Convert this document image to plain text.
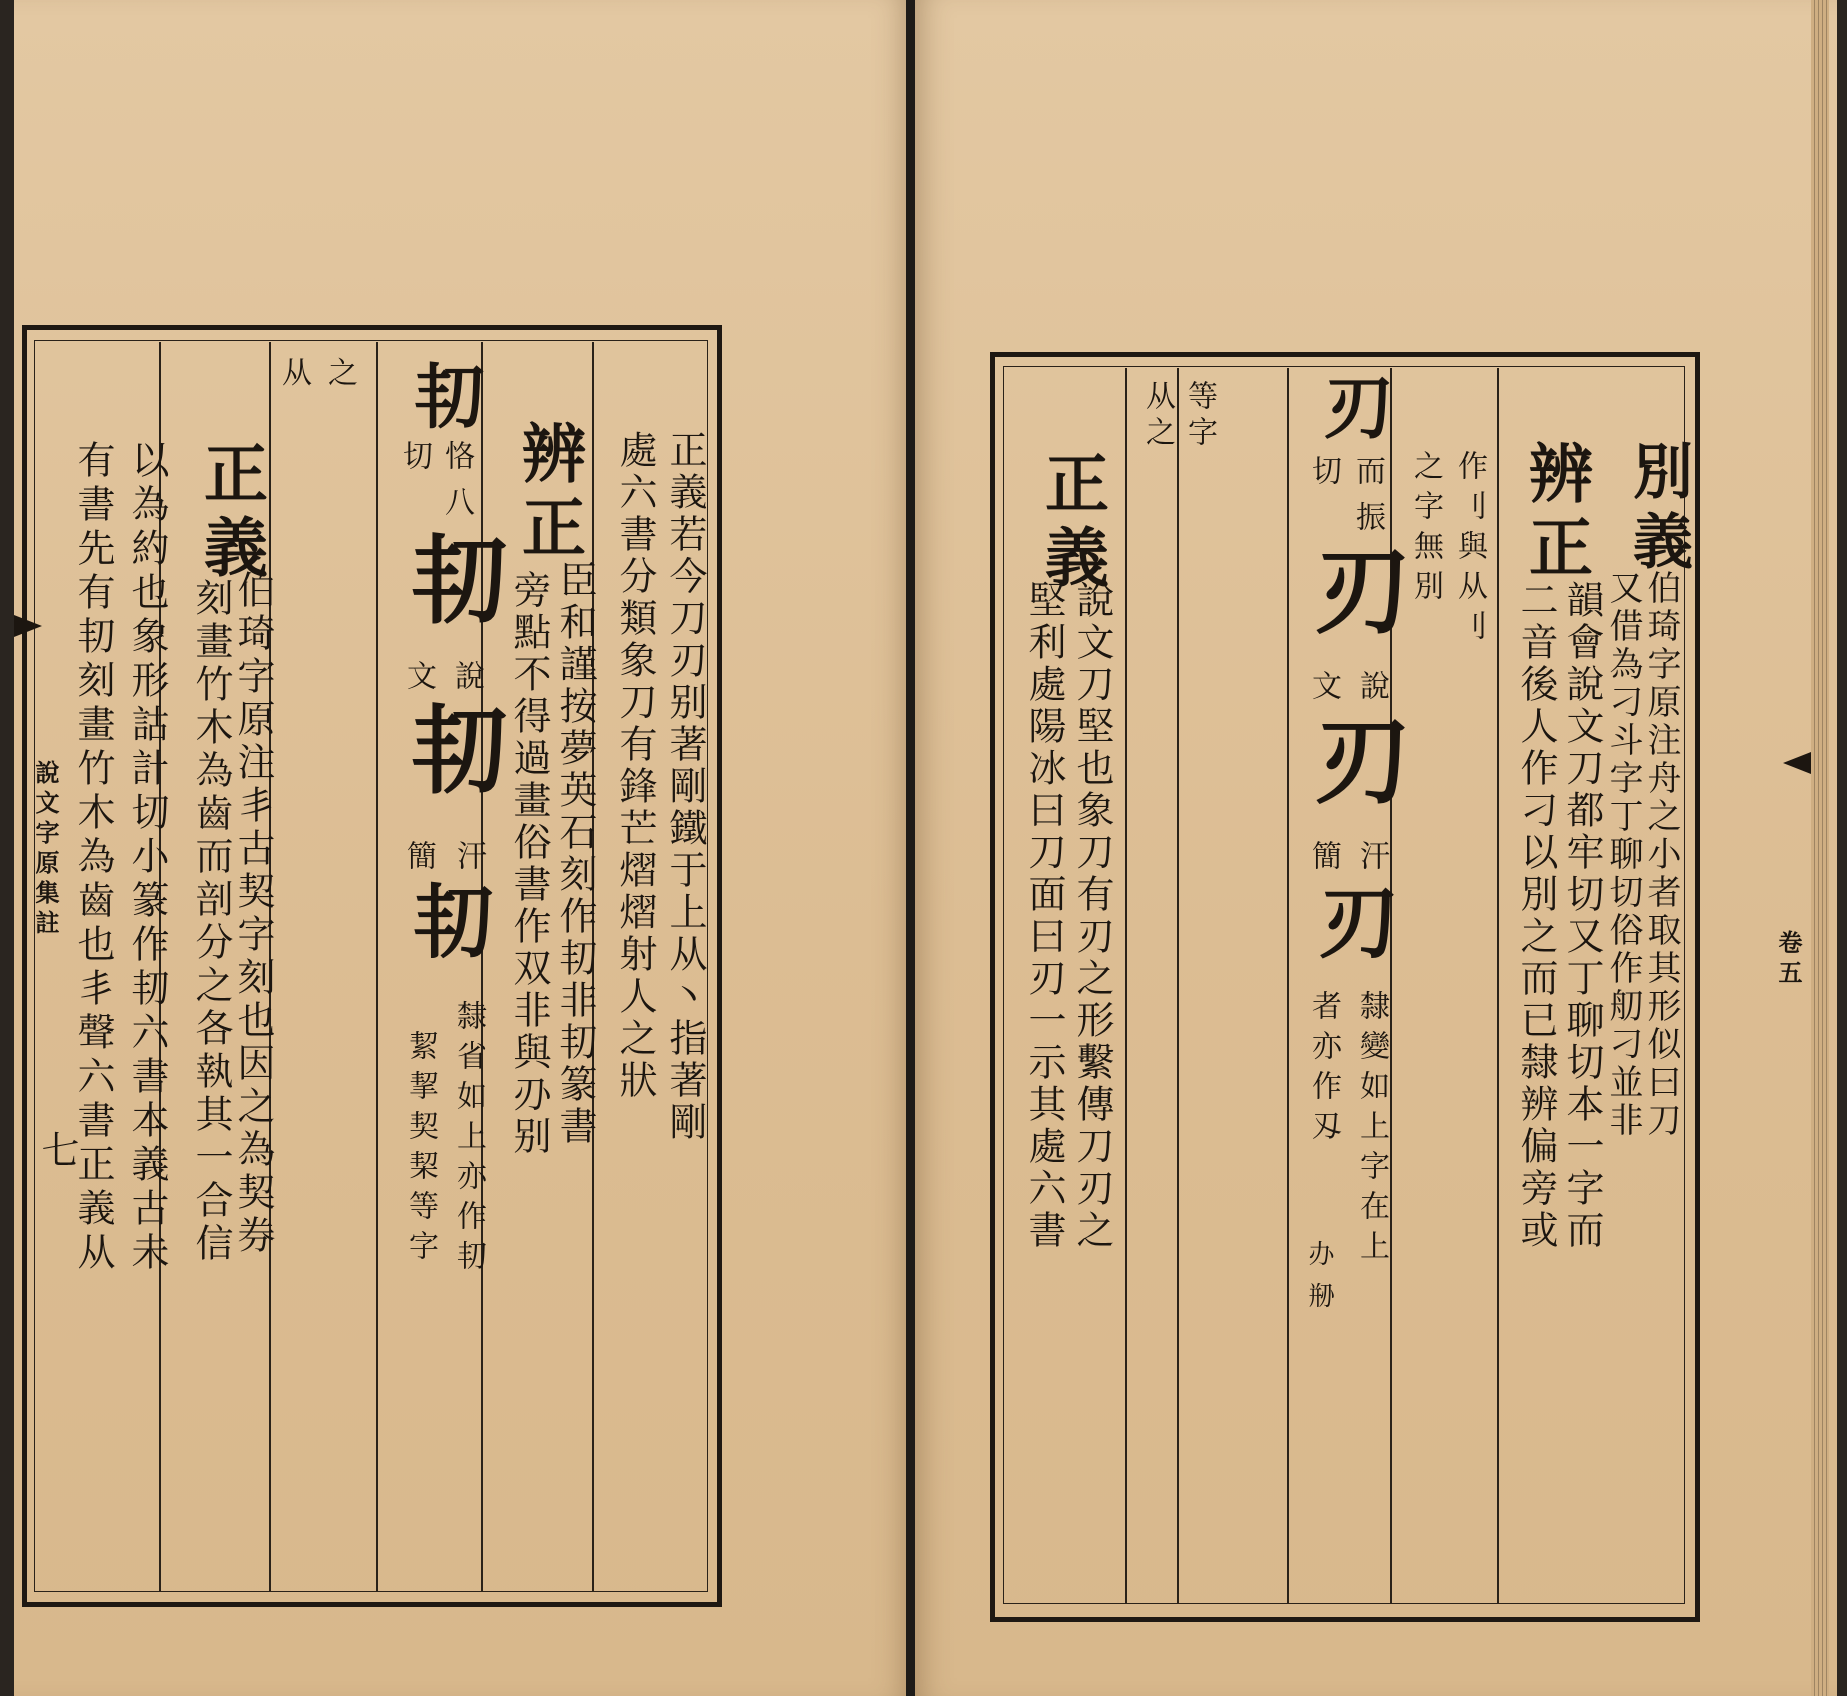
說文字原集註
七
有書先有㓞刻畫竹木為齒也丯聲六書正義从 以為約也象形詁計切小篆作㓞六書本義古未 正義
伯琦字原注丯古契字刻也因之為契券
刻畫竹木為齒而剖分之各執其一合信
从之 㓞
恪八
切
㓞
說
文
㓞
汗
簡
㓞
隸省如上亦作㓞
絜挈契栔等字
辨正
臣和謹按夢英石刻作㓞非㓞篆書
旁點不得過畫俗書作双非與刅别	正義若今刀刃别著剛鐵于上从丶指著剛
處六書分類象刀有鋒芒熠熠射人之狀	正義
說文刀堅也象刀有刃之形繫傳刀刃之
堅利處陽冰曰刀面曰刃一示其處六書
从之 等字 刃
而振
切
刃
說
文
刃
汗
簡
刃
隸變如上字在上
者亦作刄
办剙
作刂與从刂
之字無別 辨正
韻會說文刀都牢切又丁聊切本一字而
二音後人作刁以別之而已隸辨偏旁或
別義
伯琦字原注舟之小者取其形似曰刀
又借為刁斗字丁聊切俗作舠刁並非	卷五
